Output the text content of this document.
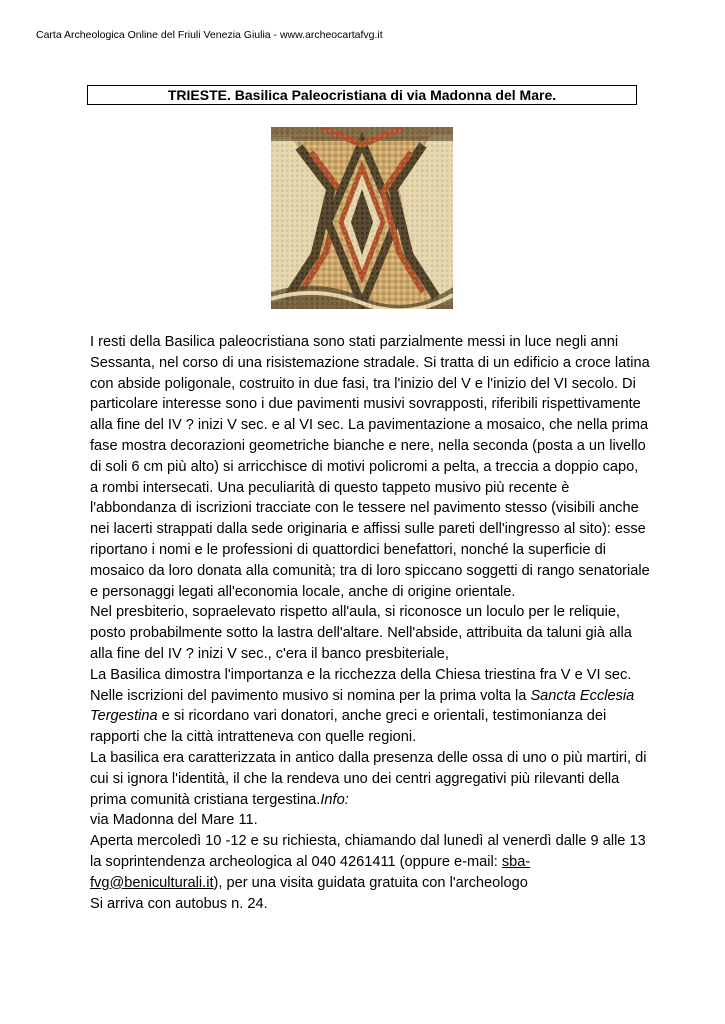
Carta Archeologica Online del Friuli Venezia Giulia - www.archeocartafvg.it
TRIESTE. Basilica Paleocristiana di via Madonna del Mare.

I resti della Basilica paleocristiana sono stati parzialmente messi in luce negli anni Sessanta, nel corso di una risistemazione stradale. Si tratta di un edificio a croce latina con abside poligonale, costruito in due fasi, tra l'inizio del V e l'inizio del VI secolo. Di particolare interesse sono i due pavimenti musivi sovrapposti, riferibili rispettivamente alla fine del IV ? inizi V sec. e al VI sec. La pavimentazione a mosaico, che nella prima fase mostra decorazioni geometriche bianche e nere, nella seconda (posta a un livello di soli 6 cm più alto) si arricchisce di motivi policromi a pelta, a treccia a doppio capo, a rombi intersecati. Una peculiarità di questo tappeto musivo più recente è l'abbondanza di iscrizioni tracciate con le tessere nel pavimento stesso (visibili anche nei lacerti strappati dalla sede originaria e affissi sulle pareti dell'ingresso al sito): esse riportano i nomi e le professioni di quattordici benefattori, nonché la superficie di mosaico da loro donata alla comunità; tra di loro spiccano soggetti di rango senatoriale e personaggi legati all'economia locale, anche di origine orientale.

Nel presbiterio, sopraelevato rispetto all'aula, si riconosce un loculo per le reliquie, posto probabilmente sotto la lastra dell'altare. Nell'abside, attribuita da taluni già alla alla fine del IV ? inizi V sec., c'era il banco presbiteriale,

La Basilica dimostra l'importanza e la ricchezza della Chiesa triestina fra V e VI sec.

Nelle iscrizioni del pavimento musivo si nomina per la prima volta la Sancta Ecclesia Tergestina e si ricordano vari donatori, anche greci e orientali, testimonianza dei rapporti che la città intratteneva con quelle regioni.

La basilica era caratterizzata in antico dalla presenza delle ossa di uno o più martiri, di cui si ignora l'identità, il che la rendeva uno dei centri aggregativi più rilevanti della prima comunità cristiana tergestina.Info:

via Madonna del Mare 11.

Aperta mercoledì 10 -12 e su richiesta, chiamando dal lunedì al venerdì dalle 9 alle 13 la soprintendenza archeologica al 040 4261411 (oppure e-mail: sba-fvg@beniculturali.it), per una visita guidata gratuita con l'archeologo

Si arriva con autobus n. 24.
